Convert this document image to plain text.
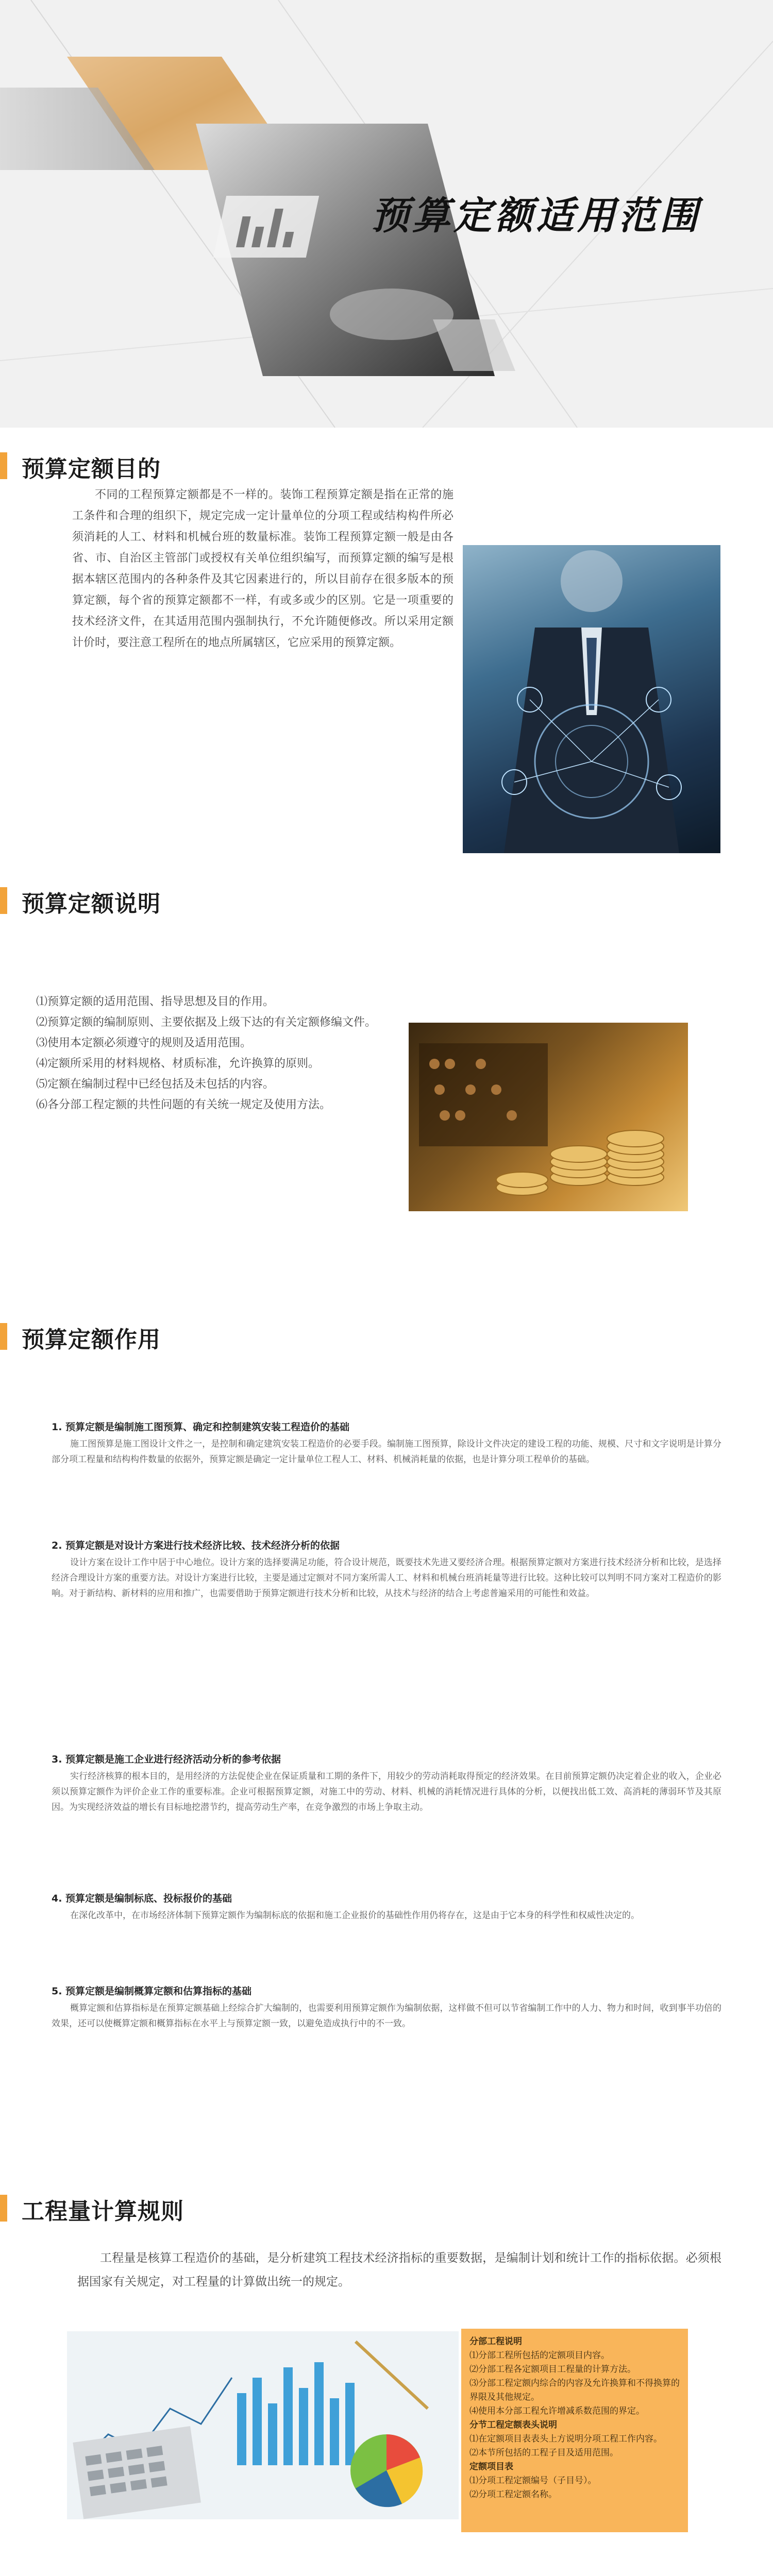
预算定额适用范围
预算定额目的
不同的工程预算定额都是不一样的。装饰工程预算定额是指在正常的施工条件和合理的组织下，规定完成一定计量单位的分项工程或结构构件所必须消耗的人工、材料和机械台班的数量标准。装饰工程预算定额一般是由各省、市、自治区主管部门或授权有关单位组织编写，而预算定额的编写是根据本辖区范围内的各种条件及其它因素进行的，所以目前存在很多版本的预算定额，每个省的预算定额都不一样，有或多或少的区别。它是一项重要的技术经济文件，在其适用范围内强制执行，不允许随便修改。所以采用定额计价时，要注意工程所在的地点所属辖区，它应采用的预算定额。
预算定额说明
⑴预算定额的适用范围、指导思想及目的作用。
⑵预算定额的编制原则、主要依据及上级下达的有关定额修编文件。
⑶使用本定额必须遵守的规则及适用范围。
⑷定额所采用的材料规格、材质标准，允许换算的原则。
⑸定额在编制过程中已经包括及未包括的内容。
⑹各分部工程定额的共性问题的有关统一规定及使用方法。
预算定额作用
1. 预算定额是编制施工图预算、确定和控制建筑安装工程造价的基础
施工图预算是施工图设计文件之一，是控制和确定建筑安装工程造价的必要手段。编制施工图预算，除设计文件决定的建设工程的功能、规模、尺寸和文字说明是计算分部分项工程量和结构构件数量的依据外，预算定额是确定一定计量单位工程人工、材料、机械消耗量的依据，也是计算分项工程单价的基础。
2. 预算定额是对设计方案进行技术经济比较、技术经济分析的依据
设计方案在设计工作中居于中心地位。设计方案的选择要满足功能，符合设计规范，既要技术先进又要经济合理。根据预算定额对方案进行技术经济分析和比较，是选择经济合理设计方案的重要方法。对设计方案进行比较，主要是通过定额对不同方案所需人工、材料和机械台班消耗量等进行比较。这种比较可以判明不同方案对工程造价的影响。对于新结构、新材料的应用和推广，也需要借助于预算定额进行技术分析和比较，从技术与经济的结合上考虑普遍采用的可能性和效益。
3. 预算定额是施工企业进行经济活动分析的参考依据
实行经济核算的根本目的，是用经济的方法促使企业在保证质量和工期的条件下，用较少的劳动消耗取得预定的经济效果。在目前预算定额仍决定着企业的收入，企业必须以预算定额作为评价企业工作的重要标准。企业可根据预算定额，对施工中的劳动、材料、机械的消耗情况进行具体的分析，以便找出低工效、高消耗的薄弱环节及其原因。为实现经济效益的增长有目标地挖潜节约，提高劳动生产率，在竞争激烈的市场上争取主动。
4. 预算定额是编制标底、投标报价的基础
在深化改革中，在市场经济体制下预算定额作为编制标底的依据和施工企业报价的基础性作用仍将存在，这是由于它本身的科学性和权威性决定的。
5. 预算定额是编制概算定额和估算指标的基础
概算定额和估算指标是在预算定额基础上经综合扩大编制的，也需要利用预算定额作为编制依据，这样做不但可以节省编制工作中的人力、物力和时间，收到事半功倍的效果，还可以使概算定额和概算指标在水平上与预算定额一致，以避免造成执行中的不一致。
工程量计算规则
工程量是核算工程造价的基础，是分析建筑工程技术经济指标的重要数据，是编制计划和统计工作的指标依据。必须根据国家有关规定，对工程量的计算做出统一的规定。
分部工程说明
⑴分部工程所包括的定额项目内容。
⑵分部工程各定额项目工程量的计算方法。
⑶分部工程定额内综合的内容及允许换算和不得换算的界限及其他规定。
⑷使用本分部工程允许增减系数范围的界定。
分节工程定额表头说明
⑴在定额项目表表头上方说明分项工程工作内容。
⑵本节所包括的工程子目及适用范围。
定额项目表
⑴分项工程定额编号（子目号）。
⑵分项工程定额名称。
